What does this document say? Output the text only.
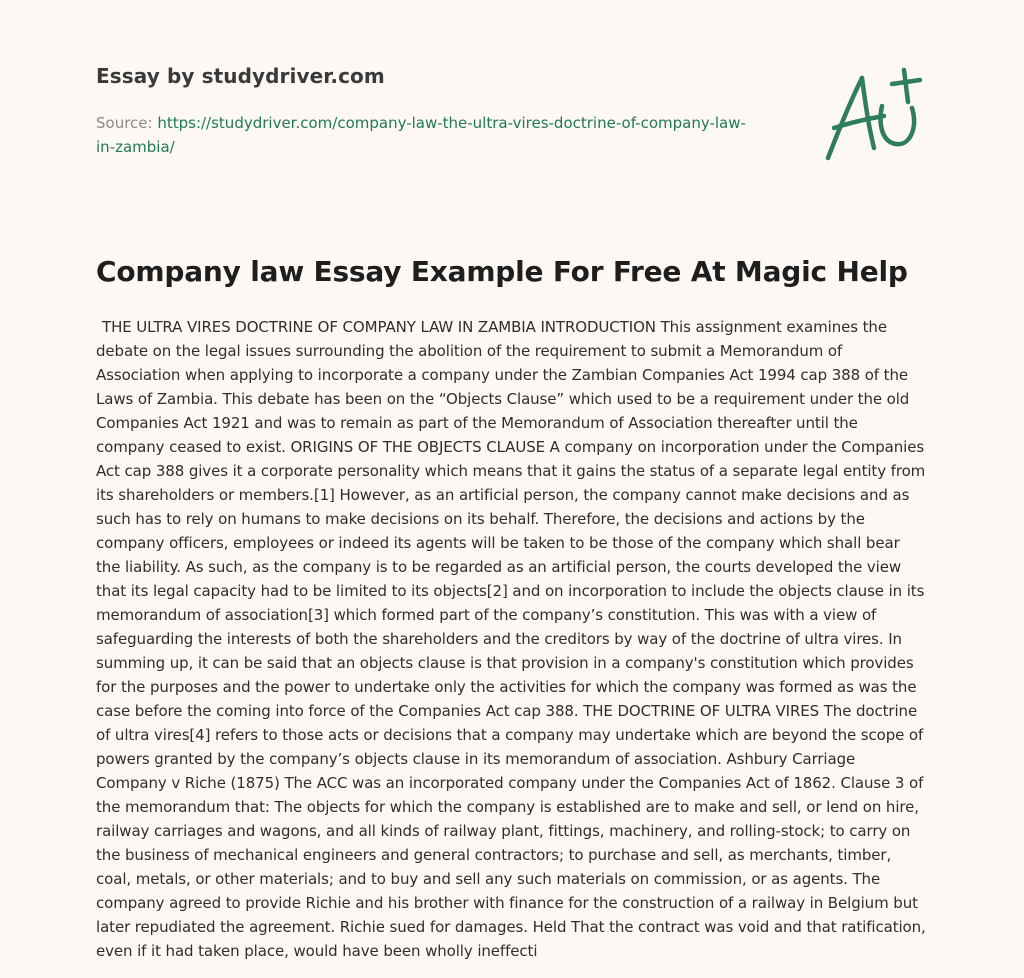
Essay by studydriver.com
Source: https://studydriver.com/company-law-the-ultra-vires-doctrine-of-company-law-in-zambia/
Company law Essay Example For Free At Magic Help

THE ULTRA VIRES DOCTRINE OF COMPANY LAW IN ZAMBIA INTRODUCTION This assignment examines the debate on the legal issues surrounding the abolition of the requirement to submit a Memorandum of Association when applying to incorporate a company under the Zambian Companies Act 1994 cap 388 of the Laws of Zambia. This debate has been on the “Objects Clause” which used to be a requirement under the old Companies Act 1921 and was to remain as part of the Memorandum of Association thereafter until the company ceased to exist. ORIGINS OF THE OBJECTS CLAUSE A company on incorporation under the Companies Act cap 388 gives it a corporate personality which means that it gains the status of a separate legal entity from its shareholders or members.[1] However, as an artificial person, the company cannot make decisions and as such has to rely on humans to make decisions on its behalf. Therefore, the decisions and actions by the company officers, employees or indeed its agents will be taken to be those of the company which shall bear the liability. As such, as the company is to be regarded as an artificial person, the courts developed the view that its legal capacity had to be limited to its objects[2] and on incorporation to include the objects clause in its memorandum of association[3] which formed part of the company’s constitution. This was with a view of safeguarding the interests of both the shareholders and the creditors by way of the doctrine of ultra vires. In summing up, it can be said that an objects clause is that provision in a company's constitution which provides for the purposes and the power to undertake only the activities for which the company was formed as was the case before the coming into force of the Companies Act cap 388. THE DOCTRINE OF ULTRA VIRES The doctrine of ultra vires[4] refers to those acts or decisions that a company may undertake which are beyond the scope of powers granted by the company’s objects clause in its memorandum of association. Ashbury Carriage Company v Riche (1875) The ACC was an incorporated company under the Companies Act of 1862. Clause 3 of the memorandum that: The objects for which the company is established are to make and sell, or lend on hire, railway carriages and wagons, and all kinds of railway plant, fittings, machinery, and rolling-stock; to carry on the business of mechanical engineers and general contractors; to purchase and sell, as merchants, timber, coal, metals, or other materials; and to buy and sell any such materials on commission, or as agents. The company agreed to provide Richie and his brother with finance for the construction of a railway in Belgium but later repudiated the agreement. Richie sued for damages. Held That the contract was void and that ratification, even if it had taken place, would have been wholly ineffecti
